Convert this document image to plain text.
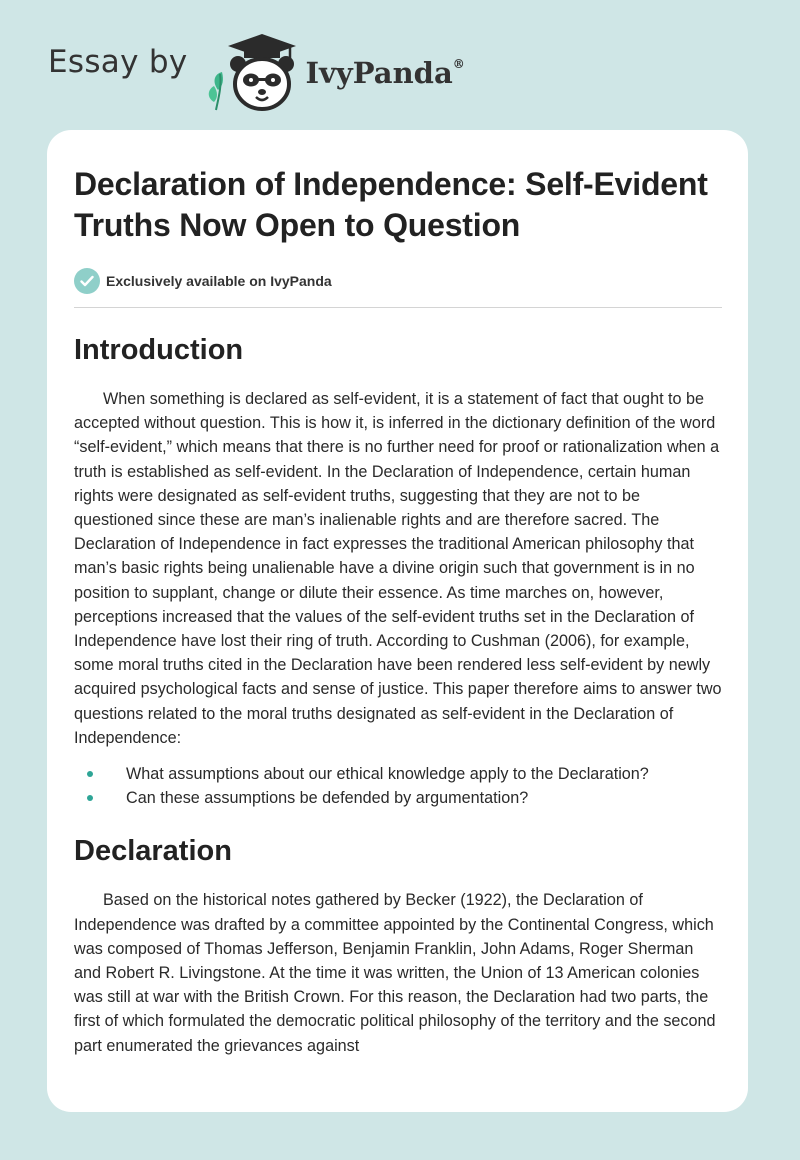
Essay by	IvyPanda®
Declaration of Independence: Self-Evident Truths Now Open to Question
Exclusively available on IvyPanda
Introduction

When something is declared as self-evident, it is a statement of fact that ought to be accepted without question. This is how it, is inferred in the dictionary definition of the word “self-evident,” which means that there is no further need for proof or rationalization when a truth is established as self-evident. In the Declaration of Independence, certain human rights were designated as self-evident truths, suggesting that they are not to be questioned since these are man’s inalienable rights and are therefore sacred. The Declaration of Independence in fact expresses the traditional American philosophy that man’s basic rights being unalienable have a divine origin such that government is in no position to supplant, change or dilute their essence. As time marches on, however, perceptions increased that the values of the self-evident truths set in the Declaration of Independence have lost their ring of truth. According to Cushman (2006), for example, some moral truths cited in the Declaration have been rendered less self-evident by newly acquired psychological facts and sense of justice. This paper therefore aims to answer two questions related to the moral truths designated as self-evident in the Declaration of Independence:

What assumptions about our ethical knowledge apply to the Declaration?
Can these assumptions be defended by argumentation?
Declaration

Based on the historical notes gathered by Becker (1922), the Declaration of Independence was drafted by a committee appointed by the Continental Congress, which was composed of Thomas Jefferson, Benjamin Franklin, John Adams, Roger Sherman and Robert R. Livingstone. At the time it was written, the Union of 13 American colonies was still at war with the British Crown. For this reason, the Declaration had two parts, the first of which formulated the democratic political philosophy of the territory and the second part enumerated the grievances against
